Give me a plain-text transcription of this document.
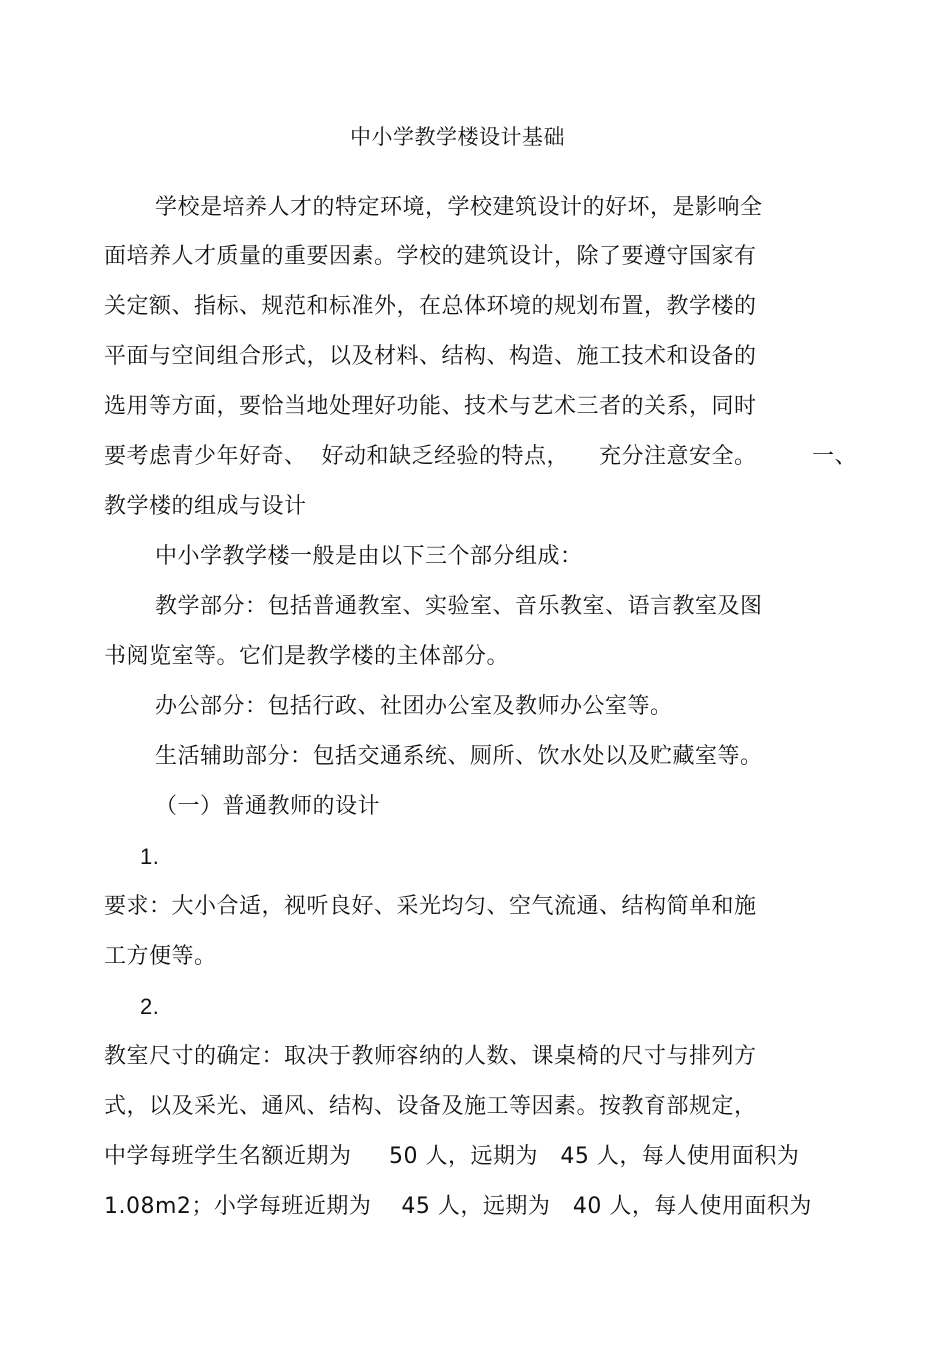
中小学教学楼设计基础
学校是培养人才的特定环境，学校建筑设计的好坏，是影响全
面培养人才质量的重要因素。学校的建筑设计，除了要遵守国家有
关定额、指标、规范和标准外，在总体环境的规划布置，教学楼的
平面与空间组合形式，以及材料、结构、构造、施工技术和设备的
选用等方面，要恰当地处理好功能、技术与艺术三者的关系，同时
要考虑青少年好奇、  好动和缺乏经验的特点，    充分注意安全。	一、
教学楼的组成与设计
中小学教学楼一般是由以下三个部分组成：
教学部分：包括普通教室、实验室、音乐教室、语言教室及图
书阅览室等。它们是教学楼的主体部分。
办公部分：包括行政、社团办公室及教师办公室等。
生活辅助部分：包括交通系统、厕所、饮水处以及贮藏室等。
（一）普通教师的设计
1.
要求：大小合适，视听良好、采光均匀、空气流通、结构简单和施
工方便等。
2.
教室尺寸的确定：取决于教师容纳的人数、课桌椅的尺寸与排列方
式，以及采光、通风、结构、设备及施工等因素。按教育部规定，
中学每班学生名额近期为     50 人，远期为   45 人，每人使用面积为
1.08m2；小学每班近期为    45 人，远期为   40 人，每人使用面积为
